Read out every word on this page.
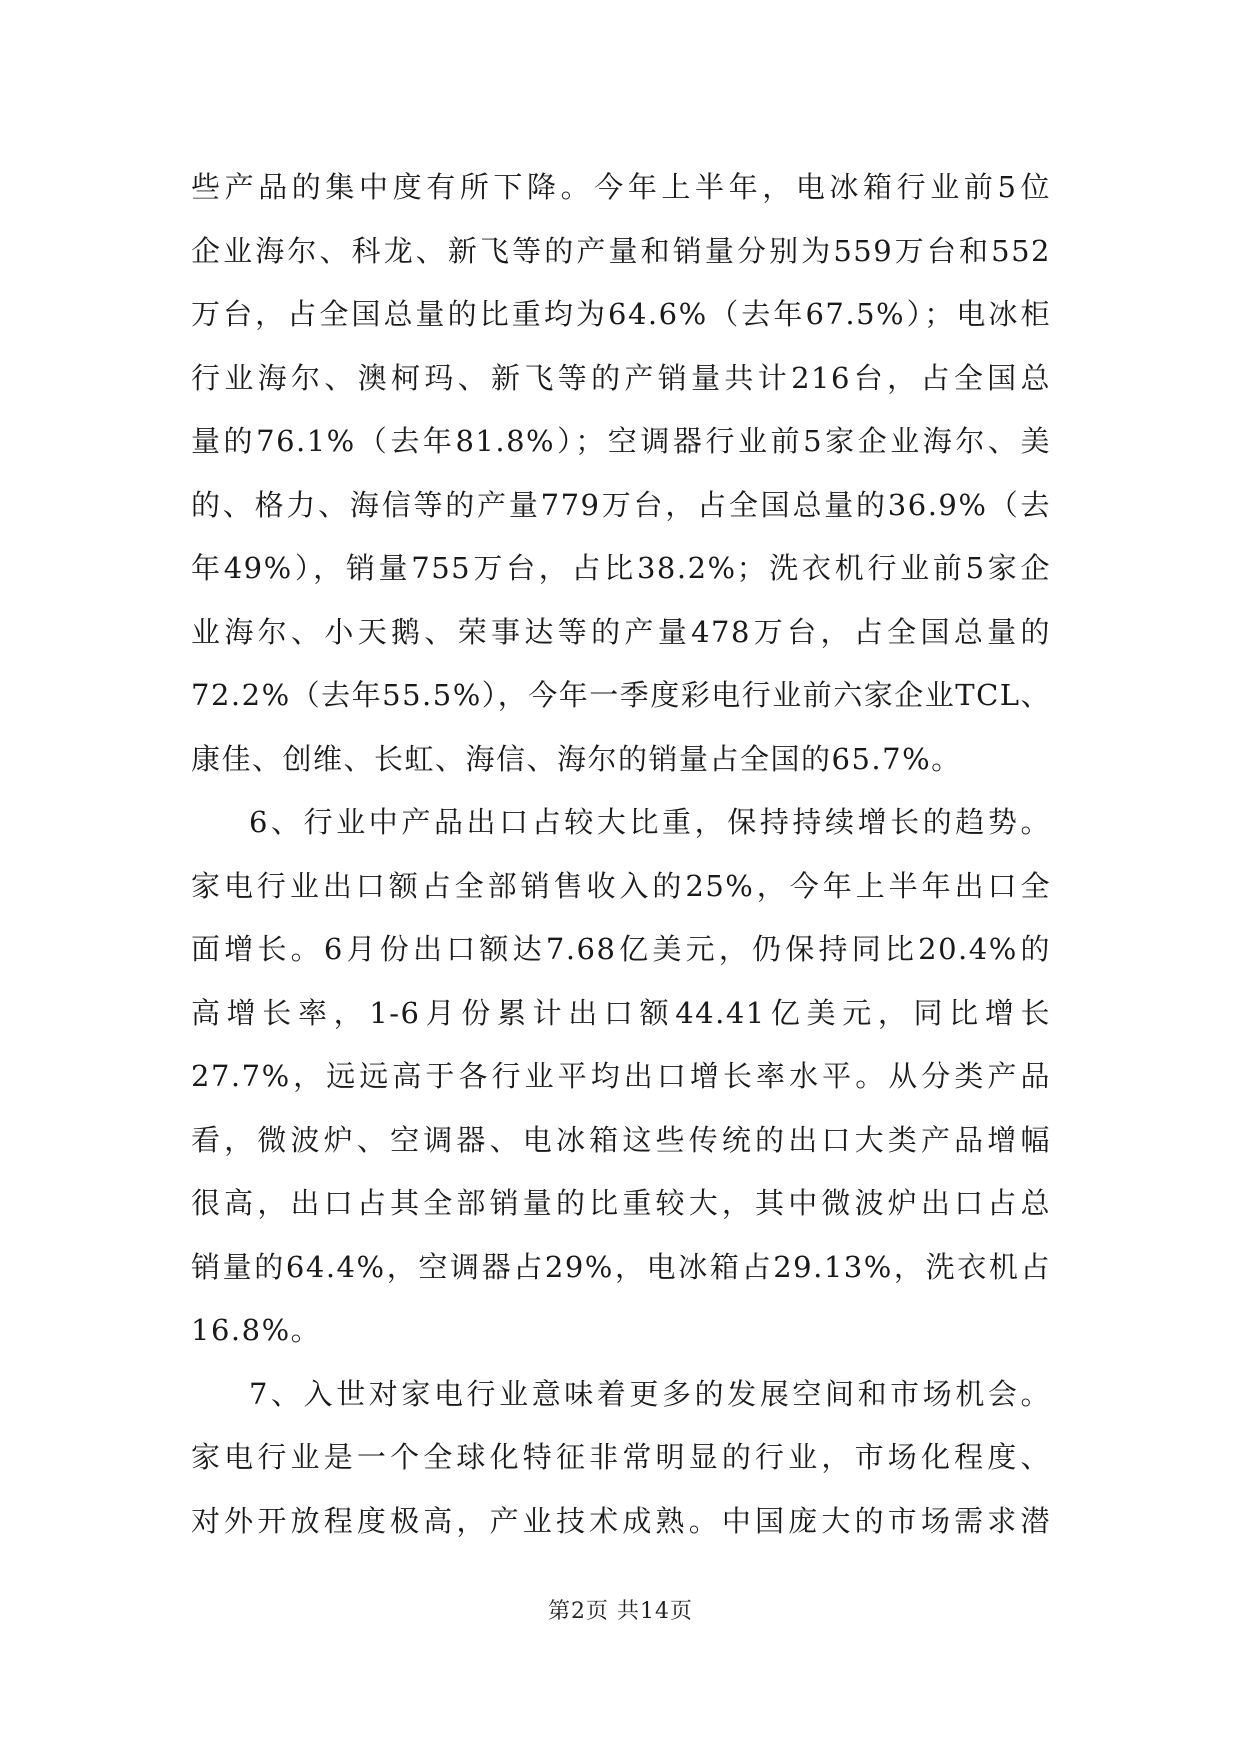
些产品的集中度有所下降。今年上半年，电冰箱行业前5位
企业海尔、科龙、新飞等的产量和销量分别为559万台和552
万台，占全国总量的比重均为64.6%（去年67.5%）；电冰柜
行业海尔、澳柯玛、新飞等的产销量共计216台，占全国总
量的76.1%（去年81.8%）；空调器行业前5家企业海尔、美
的、格力、海信等的产量779万台，占全国总量的36.9%（去
年49%），销量755万台，占比38.2%；洗衣机行业前5家企
业海尔、小天鹅、荣事达等的产量478万台，占全国总量的
72.2%（去年55.5%），今年一季度彩电行业前六家企业TCL、
康佳、创维、长虹、海信、海尔的销量占全国的65.7%。
6、行业中产品出口占较大比重，保持持续增长的趋势。
家电行业出口额占全部销售收入的25%，今年上半年出口全
面增长。6月份出口额达7.68亿美元，仍保持同比20.4%的
高增长率，1-6月份累计出口额44.41亿美元，同比增长
27.7%，远远高于各行业平均出口增长率水平。从分类产品
看，微波炉、空调器、电冰箱这些传统的出口大类产品增幅
很高，出口占其全部销量的比重较大，其中微波炉出口占总
销量的64.4%，空调器占29%，电冰箱占29.13%，洗衣机占
16.8%。
7、入世对家电行业意味着更多的发展空间和市场机会。
家电行业是一个全球化特征非常明显的行业，市场化程度、
对外开放程度极高，产业技术成熟。中国庞大的市场需求潜
第2页 共14页
